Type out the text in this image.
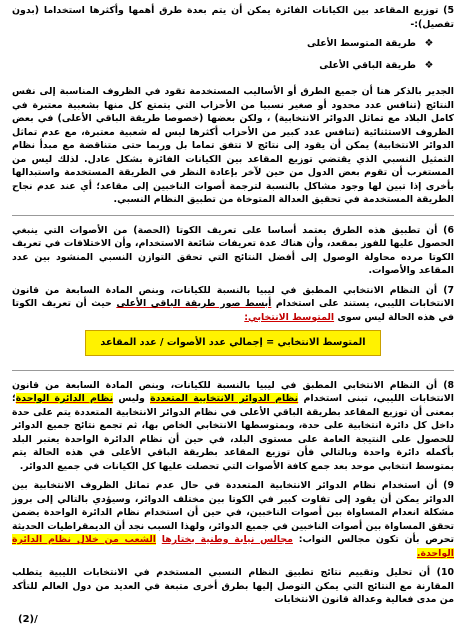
5) توزيع المقاعد بين الكيانات الفائزة يمكن أن يتم بعدة طرق أهمها وأكثرها استخداما (بدون تفصيل):-

❖
طريقة المتوسط الأعلى
❖
طريقة الباقي الأعلى

الجدير بالذكر هنا أن جميع الطرق أو الأساليب المستخدمة تقود في الظروف المناسبة إلى نفس النتائج (تنافس عدد محدود أو صغير نسبيا من الأحزاب التي يتمتع كل منها بشعبية معتبرة في كامل البلاد مع تماثل الدوائر الانتخابية) ، ولكن بعضها (خصوصا طريقة الباقي الأعلى) في بعض الظروف الاستثنائية (تنافس عدد كبير من الأحزاب أكثرها ليس له شعبية معتبرة، مع عدم تماثل الدوائر الانتخابية) يمكن أن يقود إلى نتائج لا تتفق تماما بل وربما حتى متناقضة مع مبدأ نظام التمثيل النسبي الذي يقتضي توزيع المقاعد بين الكيانات الفائزة بشكل عادل. لذلك ليس من المستغرب أن تقوم بعض الدول من حين لآخر بإعادة النظر في الطريقة المستخدمة واستبدالها بأخرى إذا تبين لها وجود مشاكل بالنسبة لترجمة أصوات الناخبين إلى مقاعد؛ أي عند عدم نجاح الطريقة المستخدمة في تحقيق العدالة المتوخاة من تطبيق النظام النسبي.

6) أن تطبيق هذه الطرق يعتمد أساسا على تعريف الكوتا (الحصة) من الأصوات التي ينبغي الحصول عليها للفوز بمقعد، وأن هناك عدة تعريفات شائعة الاستخدام، وأن الاختلافات في تعريف الكوتا مرده محاولة الوصول إلى أفضل النتائج التي تحقق التوازن النسبي المنشود بين عدد المقاعد والأصوات.

7) أن النظام الانتخابي المطبق في ليبيا بالنسبة للكيانات، وبنص المادة السابعة من قانون الانتخابات الليبي، يستند على استخدام أبسط صور طريقة الباقي الأعلى حيث أن تعريف الكوتا في هذه الحالة ليس سوى المتوسط الانتخابي:

المتوسط الانتخابي = إجمالي عدد الأصوات / عدد المقاعد

8) أن النظام الانتخابي المطبق في ليبيا بالنسبة للكيانات، وبنص المادة السابعة من قانون الانتخابات الليبي، تبنى استخدام نظام الدوائر الانتخابية المتعددة وليس نظام الدائرة الواحدة؛ بمعنى أن توزيع المقاعد بطريقة الباقي الأعلى في نظام الدوائر الانتخابية المتعددة يتم على حدة داخل كل دائرة انتخابية على حدة، وبمتوسطها الانتخابي الخاص بها، ثم تجمع نتائج جميع الدوائر للحصول على النتيجة العامة على مستوى البلد، في حين أن نظام الدائرة الواحدة يعتبر البلد بأكمله دائرة واحدة وبالتالي فأن توزيع المقاعد بطريقة الباقي الأعلى في هذه الحالة يتم بمتوسط انتخابي موحد بعد جمع كافة الأصوات التي تحصلت عليها كل الكيانات في جميع الدوائر.

9) أن استخدام نظام الدوائر الانتخابية المتعددة في حال عدم تماثل الظروف الانتخابية بين الدوائر يمكن أن يقود إلى تفاوت كبير في الكوتا بين مختلف الدوائر، وسيؤدي بالتالي إلى بروز مشكلة انعدام المساواة بين أصوات الناخبين، في حين أن استخدام نظام الدائرة الواحدة يضمن تحقق المساواة بين أصوات الناخبين في جميع الدوائر، ولهذا السبب نجد أن الديمقراطيات الحديثة تحرص بأن تكون مجالس النواب: مجالس نيابة وطنية يختارها الشعب من خلال نظام الدائرة الواحدة.

10) أن تحليل وتقييم نتائج تطبيق النظام النسبي المستخدم في الانتخابات الليبية يتطلب المقارنة مع النتائج التي يمكن التوصل إليها بطرق أخرى متبعة في العديد من دول العالم للتأكد من مدى فعالية وعدالة قانون الانتخابات

(2)/
